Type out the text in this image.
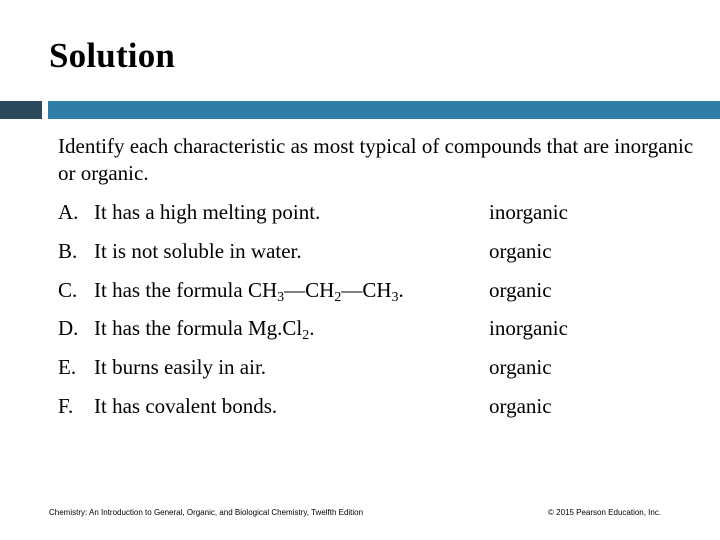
Solution
Identify each characteristic as most typical of compounds that are inorganic or organic.
A. It has a high melting point.	inorganic
B. It is not soluble in water.	organic
C. It has the formula $CH_3—CH_2—CH_3$.	organic
D. It has the formula $Mg.Cl_2$.	inorganic
E. It burns easily in air.	organic
F. It has covalent bonds.	organic
Chemistry: An Introduction to General, Organic, and Biological Chemistry, Twelfth Edition	© 2015 Pearson Education, Inc.
